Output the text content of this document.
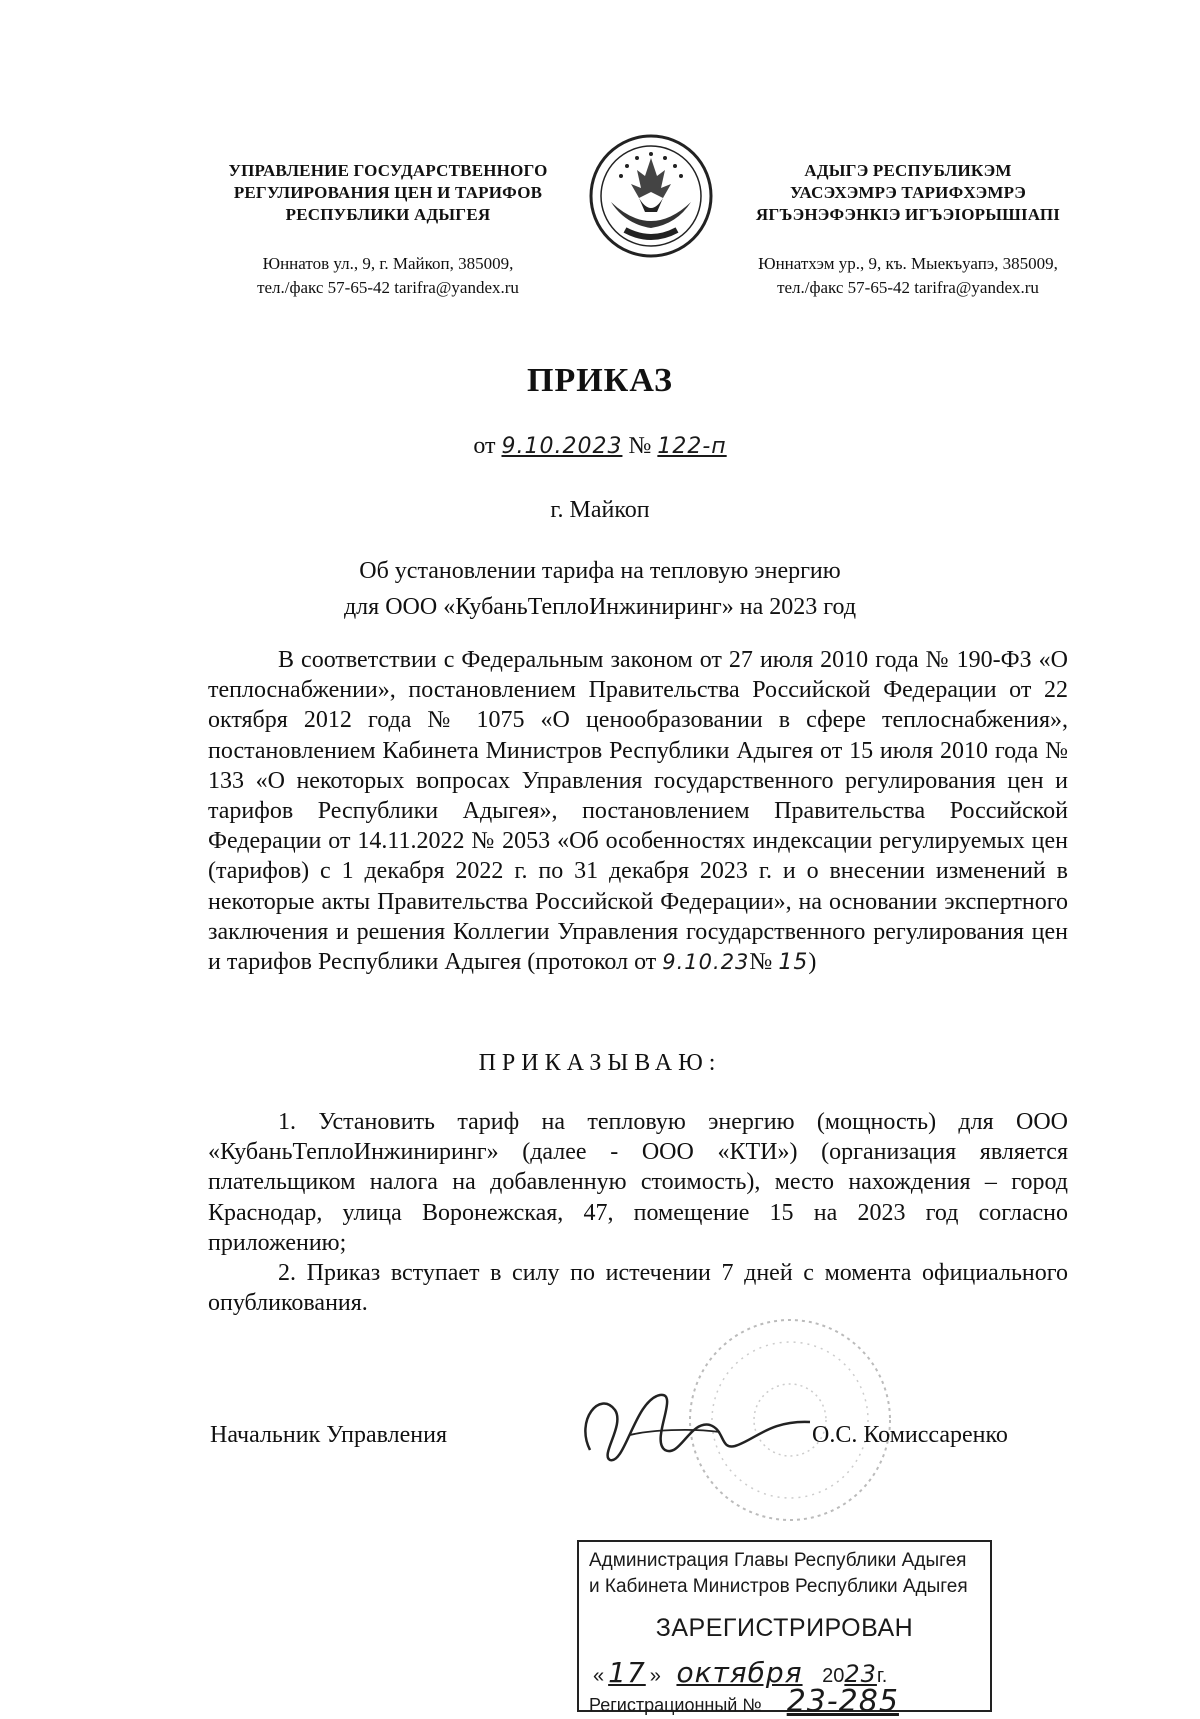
УПРАВЛЕНИЕ ГОСУДАРСТВЕННОГО
РЕГУЛИРОВАНИЯ ЦЕН И ТАРИФОВ
РЕСПУБЛИКИ АДЫГЕЯ
Юннатов ул., 9, г. Майкоп, 385009,
тел./факс 57-65-42 tarifra@yandex.ru
АДЫГЭ РЕСПУБЛИКЭМ
УАСЭХЭМРЭ ТАРИФХЭМРЭ
ЯГЪЭНЭФЭНКIЭ ИГЪЭIОРЫШIАПI
Юннатхэм ур., 9, къ. Мыекъуапэ, 385009,
тел./факс 57-65-42 tarifra@yandex.ru
ПРИКАЗ
от 9.10.2023 № 122-п
г. Майкоп
Об установлении тарифа на тепловую энергию
для ООО «КубаньТеплоИнжиниринг» на 2023 год

В соответствии с Федеральным законом от 27 июля 2010 года № 190-ФЗ «О теплоснабжении», постановлением Правительства Российской Федерации от 22 октября 2012 года № 1075 «О ценообразовании в сфере теплоснабжения», постановлением Кабинета Министров Республики Адыгея от 15 июля 2010 года № 133 «О некоторых вопросах Управления государственного регулирования цен и тарифов Республики Адыгея», постановлением Правительства Российской Федерации от 14.11.2022 № 2053 «Об особенностях индексации регулируемых цен (тарифов) с 1 декабря 2022 г. по 31 декабря 2023 г. и о внесении изменений в некоторые акты Правительства Российской Федерации», на основании экспертного заключения и решения Коллегии Управления государственного регулирования цен и тарифов Республики Адыгея (протокол от 9.10.23№ 15)

ПРИКАЗЫВАЮ:

1. Установить тариф на тепловую энергию (мощность) для ООО «КубаньТеплоИнжиниринг» (далее - ООО «КТИ») (организация является плательщиком налога на добавленную стоимость), место нахождения – город Краснодар, улица Воронежская, 47, помещение 15 на 2023 год согласно приложению;

2. Приказ вступает в силу по истечении 7 дней с момента официального опубликования.

Начальник Управления	О.С. Комиссаренко
Администрация Главы Республики Адыгея
и Кабинета Министров Республики Адыгея
ЗАРЕГИСТРИРОВАН
« 17 » октября 2023г.
Регистрационный № 23-285
